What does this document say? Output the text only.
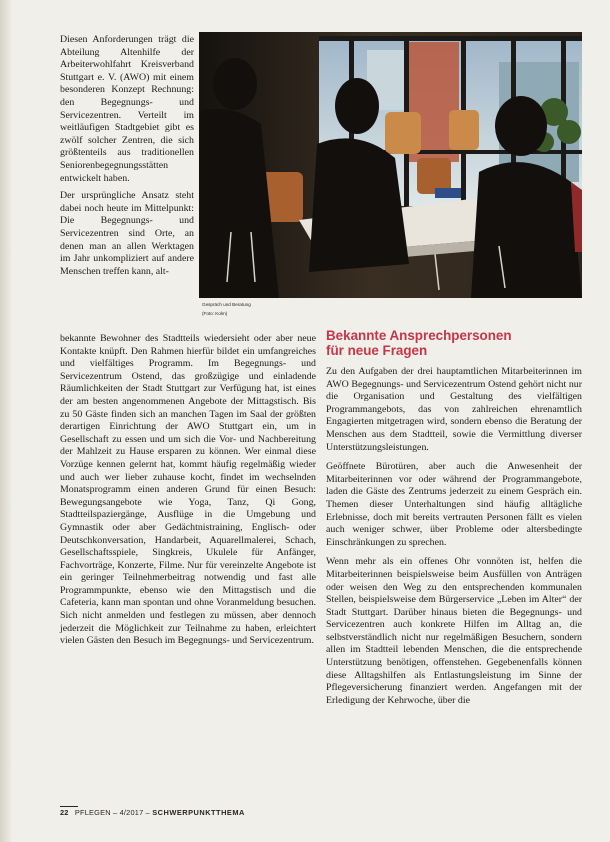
Diesen Anforderungen trägt die Abteilung Altenhilfe der Arbeiterwohlfahrt Kreisverband Stuttgart e. V. (AWO) mit einem besonderen Konzept Rechnung: den Begegnungs- und Servicezentren. Verteilt im weitläufigen Stadtgebiet gibt es zwölf solcher Zentren, die sich größtenteils aus traditionellen Seniorenbegegnungsstätten entwickelt haben.

Der ursprüngliche Ansatz steht dabei noch heute im Mittelpunkt: Die Begegnungs- und Servicezentren sind Orte, an denen man an allen Werktagen im Jahr unkompliziert auf andere Menschen treffen kann, alt-

Gespräch und Beratung
(Foto: Kolm)
Bekannte Ansprechpersonen
für neue Fragen

bekannte Bewohner des Stadtteils wiedersieht oder aber neue Kontakte knüpft. Den Rahmen hierfür bildet ein umfangreiches und vielfältiges Programm. Im Begegnungs- und Servicezentrum Ostend, das großzügige und einladende Räumlichkeiten der Stadt Stuttgart zur Verfügung hat, ist eines der am besten angenommenen Angebote der Mittagstisch. Bis zu 50 Gäste finden sich an manchen Tagen im Saal der größten derartigen Einrichtung der AWO Stuttgart ein, um in Gesellschaft zu essen und um sich die Vor- und Nachbereitung der Mahlzeit zu Hause ersparen zu können. Wer einmal diese Vorzüge kennen gelernt hat, kommt häufig regelmäßig wieder und auch wer lieber zuhause kocht, findet im wechselnden Monatsprogramm einen anderen Grund für einen Besuch: Bewegungsangebote wie Yoga, Tanz, Qi Gong, Stadtteilspaziergänge, Ausflüge in die Umgebung und Gymnastik oder aber Gedächtnistraining, Englisch- oder Deutschkonversation, Handarbeit, Aquarellmalerei, Schach, Gesellschaftsspiele, Singkreis, Ukulele für Anfänger, Fachvorträge, Konzerte, Filme. Nur für vereinzelte Angebote ist ein geringer Teilnehmerbeitrag notwendig und fast alle Programmpunkte, ebenso wie den Mittagstisch und die Cafeteria, kann man spontan und ohne Voranmeldung besuchen. Sich nicht anmelden und festlegen zu müssen, aber dennoch jederzeit die Möglichkeit zur Teilnahme zu haben, erleichtert vielen Gästen den Besuch im Begegnungs- und Servicezentrum.

Zu den Aufgaben der drei hauptamtlichen Mitarbeiterinnen im AWO Begegnungs- und Servicezentrum Ostend gehört nicht nur die Organisation und Gestaltung des vielfältigen Programmangebots, das von zahlreichen ehrenamtlich Engagierten mitgetragen wird, sondern ebenso die Beratung der Menschen aus dem Stadtteil, sowie die Vermittlung diverser Unterstützungsleistungen.

Geöffnete Bürotüren, aber auch die Anwesenheit der Mitarbeiterinnen vor oder während der Programmangebote, laden die Gäste des Zentrums jederzeit zu einem Gespräch ein. Themen dieser Unterhaltungen sind häufig alltägliche Erlebnisse, doch mit bereits vertrauten Personen fällt es vielen auch weniger schwer, über Probleme oder altersbedingte Einschränkungen zu sprechen.

Wenn mehr als ein offenes Ohr vonnöten ist, helfen die Mitarbeiterinnen beispielsweise beim Ausfüllen von Anträgen oder weisen den Weg zu den entsprechenden kommunalen Stellen, beispielsweise dem Bürgerservice „Leben im Alter“ der Stadt Stuttgart. Darüber hinaus bieten die Begegnungs- und Servicezentren auch konkrete Hilfen im Alltag an, die selbstverständlich nicht nur regelmäßigen Besuchern, sondern allen im Stadtteil lebenden Menschen, die die entsprechende Unterstützung benötigen, offenstehen. Gegebenenfalls können diese Alltagshilfen als Entlastungsleistung im Sinne der Pflegeversicherung finanziert werden. Angefangen mit der Erledigung der Kehrwoche, über die

22 PFLEGEN – 4/2017 – SCHWERPUNKTTHEMA
